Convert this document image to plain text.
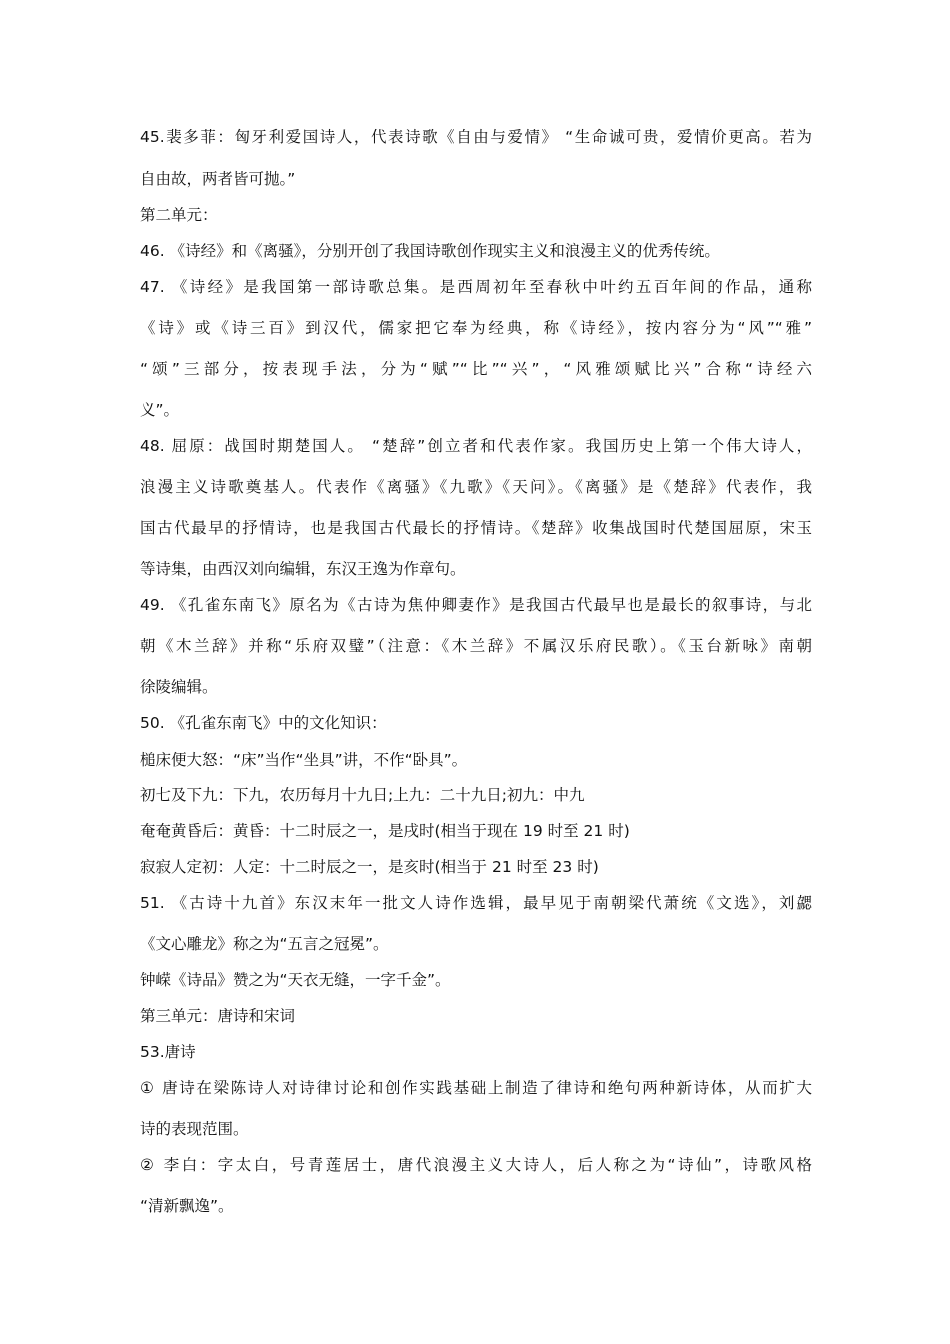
45.裴多菲：匈牙利爱国诗人，代表诗歌《自由与爱情》 “生命诚可贵，爱情价更高。若为
自由故，两者皆可抛。”
第二单元：
46. 《诗经》和《离骚》，分别开创了我国诗歌创作现实主义和浪漫主义的优秀传统。
47. 《诗经》是我国第一部诗歌总集。是西周初年至春秋中叶约五百年间的作品，通称
《诗》或《诗三百》到汉代，儒家把它奉为经典，称《诗经》，按内容分为“风”“雅”
“颂”三部分，按表现手法，分为“赋”“比”“兴”，“风雅颂赋比兴”合称“诗经六
义”。
48. 屈原：战国时期楚国人。 “楚辞”创立者和代表作家。我国历史上第一个伟大诗人，
浪漫主义诗歌奠基人。代表作《离骚》《九歌》《天问》。《离骚》是《楚辞》代表作，我
国古代最早的抒情诗，也是我国古代最长的抒情诗。《楚辞》收集战国时代楚国屈原，宋玉
等诗集，由西汉刘向编辑，东汉王逸为作章句。
49. 《孔雀东南飞》原名为《古诗为焦仲卿妻作》是我国古代最早也是最长的叙事诗，与北
朝《木兰辞》并称“乐府双璧”（注意：《木兰辞》不属汉乐府民歌）。《玉台新咏》南朝
徐陵编辑。
50. 《孔雀东南飞》中的文化知识：
槌床便大怒：“床”当作“坐具”讲，不作“卧具”。
初七及下九：下九，农历每月十九日;上九：二十九日;初九：中九
奄奄黄昏后：黄昏：十二时辰之一，是戌时(相当于现在 19 时至 21 时)
寂寂人定初：人定：十二时辰之一，是亥时(相当于 21 时至 23 时)
51. 《古诗十九首》东汉末年一批文人诗作选辑，最早见于南朝梁代萧统《文选》，刘勰
《文心雕龙》称之为“五言之冠冕”。
钟嵘《诗品》赞之为“天衣无缝，一字千金”。
第三单元：唐诗和宋词
53.唐诗
① 唐诗在梁陈诗人对诗律讨论和创作实践基础上制造了律诗和绝句两种新诗体，从而扩大
诗的表现范围。
② 李白：字太白，号青莲居士，唐代浪漫主义大诗人，后人称之为“诗仙”，诗歌风格
“清新飘逸”。
